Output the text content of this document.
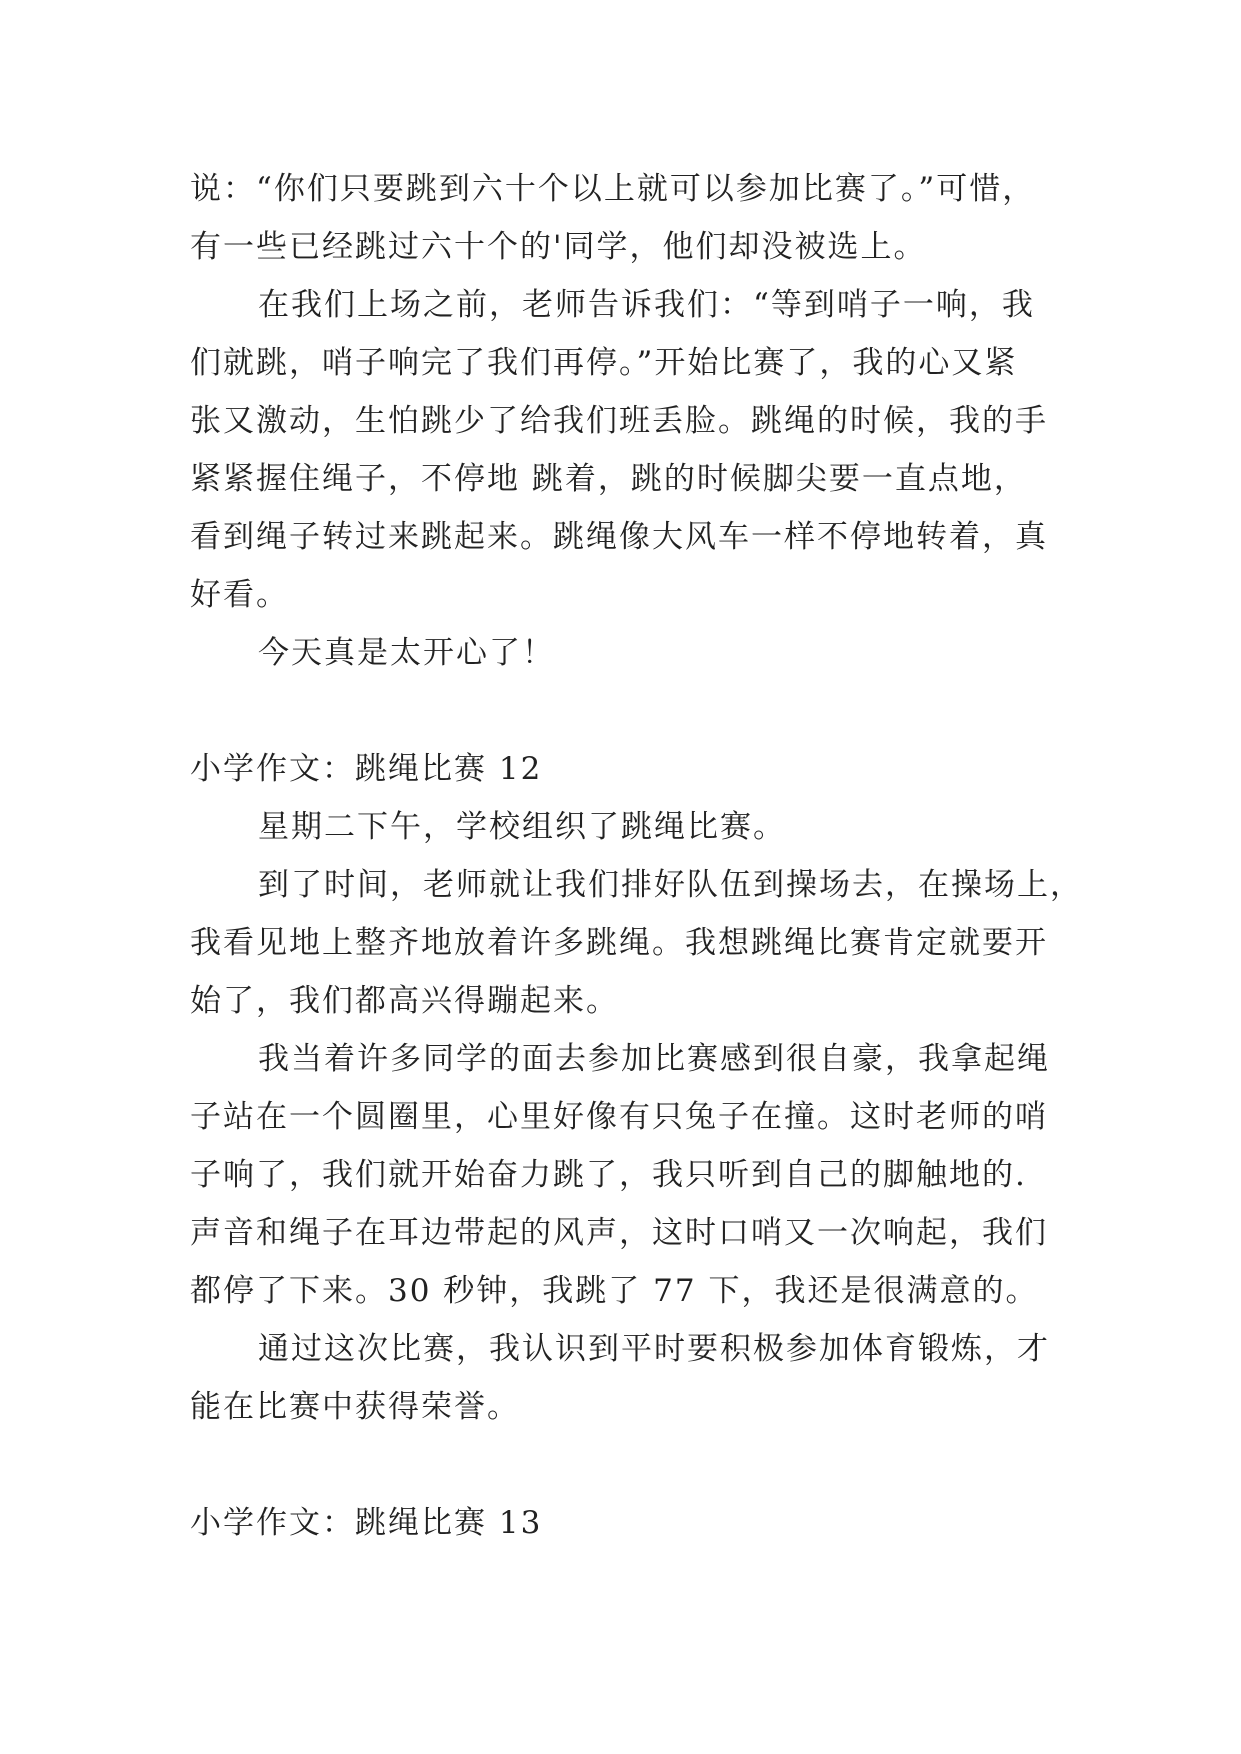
说：“你们只要跳到六十个以上就可以参加比赛了。”可惜，

有一些已经跳过六十个的'同学，他们却没被选上。

在我们上场之前，老师告诉我们：“等到哨子一响，我

们就跳，哨子响完了我们再停。”开始比赛了，我的心又紧

张又激动，生怕跳少了给我们班丢脸。跳绳的时候，我的手

紧紧握住绳子，不停地 跳着，跳的时候脚尖要一直点地，

看到绳子转过来跳起来。跳绳像大风车一样不停地转着，真

好看。

今天真是太开心了！

小学作文：跳绳比赛 12

星期二下午，学校组织了跳绳比赛。

到了时间，老师就让我们排好队伍到操场去，在操场上，

我看见地上整齐地放着许多跳绳。我想跳绳比赛肯定就要开

始了，我们都高兴得蹦起来。

我当着许多同学的面去参加比赛感到很自豪，我拿起绳

子站在一个圆圈里，心里好像有只兔子在撞。这时老师的哨

子响了，我们就开始奋力跳了，我只听到自己的脚触地的.

声音和绳子在耳边带起的风声，这时口哨又一次响起，我们

都停了下来。30 秒钟，我跳了 77 下，我还是很满意的。

通过这次比赛，我认识到平时要积极参加体育锻炼，才

能在比赛中获得荣誉。

小学作文：跳绳比赛 13
